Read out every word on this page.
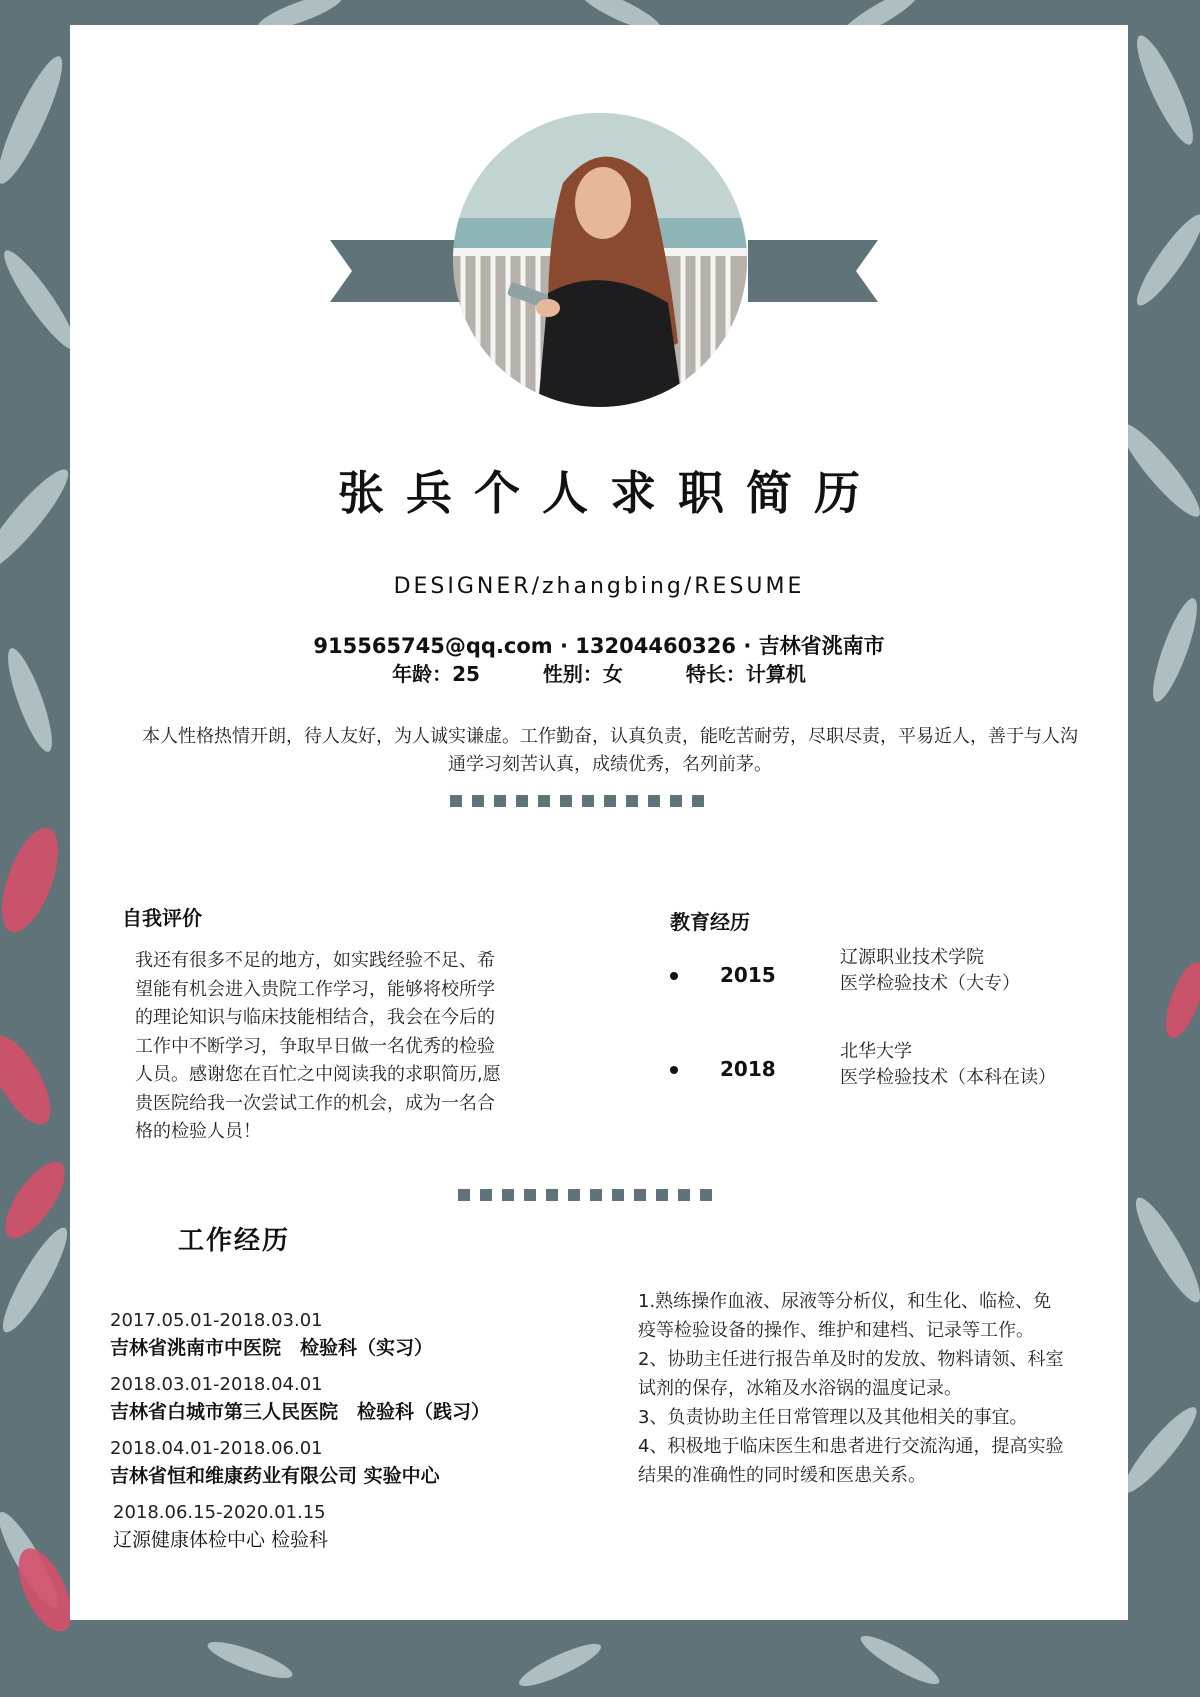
张兵个人求职简历
DESIGNER/zhangbing/RESUME
915565745@qq.com · 13204460326 · 吉林省洮南市
年龄：25	性别：女	特长：计算机
本人性格热情开朗，待人友好，为人诚实谦虚。工作勤奋，认真负责，能吃苦耐劳，尽职尽责，平易近人，善于与人沟通学习刻苦认真，成绩优秀，名列前茅。
自我评价
我还有很多不足的地方，如实践经验不足、希
望能有机会进入贵院工作学习，能够将校所学
的理论知识与临床技能相结合，我会在今后的
工作中不断学习，争取早日做一名优秀的检验
人员。感谢您在百忙之中阅读我的求职简历,愿
贵医院给我一次尝试工作的机会，成为一名合
格的检验人员！
教育经历
2015
辽源职业技术学院
医学检验技术（大专）
2018
北华大学
医学检验技术（本科在读）
工作经历
2017.05.01-2018.03.01
吉林省洮南市中医院　检验科（实习）
2018.03.01-2018.04.01
吉林省白城市第三人民医院　检验科（践习）
2018.04.01-2018.06.01
吉林省恒和维康药业有限公司 实验中心
2018.06.15-2020.01.15
辽源健康体检中心 检验科
1.熟练操作血液、尿液等分析仪，和生化、临检、免
疫等检验设备的操作、维护和建档、记录等工作。
2、协助主任进行报告单及时的发放、物料请领、科室
试剂的保存，冰箱及水浴锅的温度记录。
3、负责协助主任日常管理以及其他相关的事宜。
4、积极地于临床医生和患者进行交流沟通，提高实验
结果的准确性的同时缓和医患关系。
